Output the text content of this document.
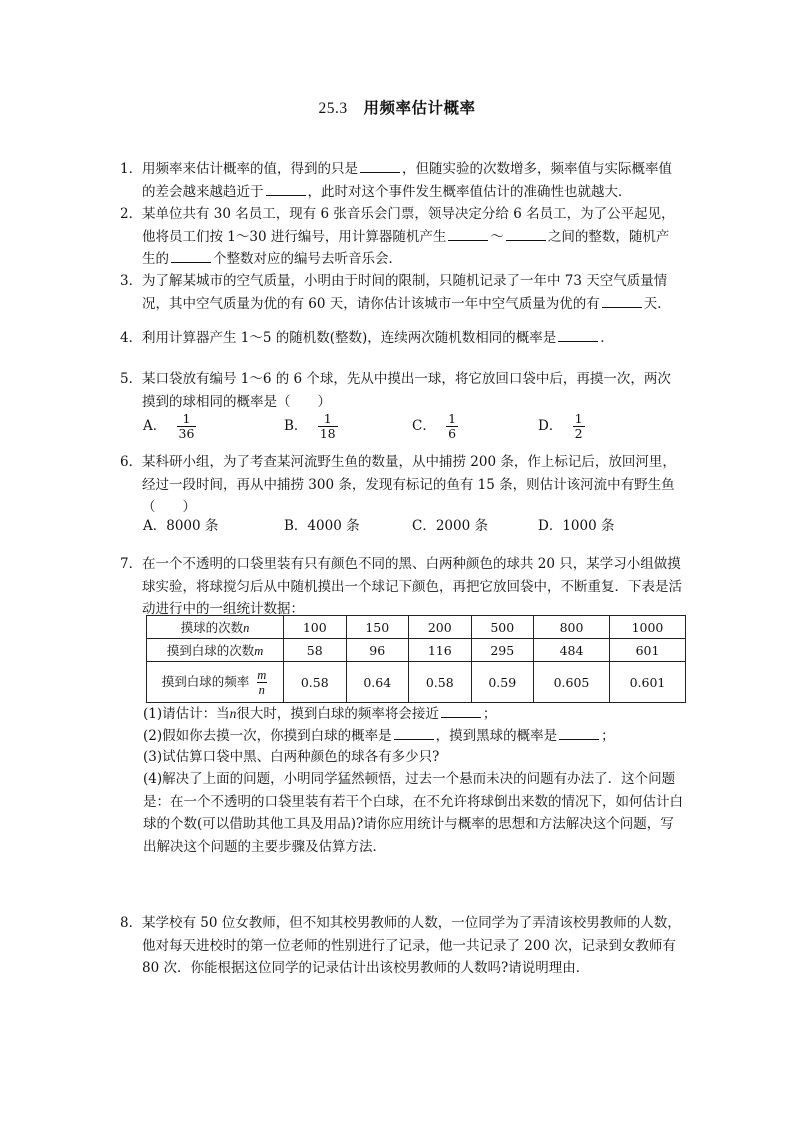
25.3 用频率估计概率
1． 用频率来估计概率的值，得到的只是	，但随实验的次数增多，频率值与实际概率值的差会越来越趋近于	，此时对这个事件发生概率值估计的准确性也就越大．
2． 某单位共有 30 名员工，现有 6 张音乐会门票，领导决定分给 6 名员工，为了公平起见，他将员工们按 1～30 进行编号，用计算器随机产生	～	之间的整数，随机产生的	个整数对应的编号去听音乐会．
3． 为了解某城市的空气质量，小明由于时间的限制，只随机记录了一年中 73 天空气质量情况，其中空气质量为优的有 60 天，请你估计该城市一年中空气质量为优的有	天．
4． 利用计算器产生 1～5 的随机数(整数)，连续两次随机数相同的概率是	．
5． 某口袋放有编号 1～6 的 6 个球，先从中摸出一球，将它放回口袋中后，再摸一次，两次摸到的球相同的概率是（　　）
A． $\frac{1}{36}$	B． $\frac{1}{18}$	C． $\frac{1}{6}$	D． $\frac{1}{2}$
6． 某科研小组，为了考查某河流野生鱼的数量，从中捕捞 200 条，作上标记后，放回河里，经过一段时间，再从中捕捞 300 条，发现有标记的鱼有 15 条，则估计该河流中有野生鱼（　　）
A．8000 条	B．4000 条	C．2000 条	D．1000 条
7． 在一个不透明的口袋里装有只有颜色不同的黑、白两种颜色的球共 20 只，某学习小组做摸球实验，将球搅匀后从中随机摸出一个球记下颜色，再把它放回袋中，不断重复．下表是活动进行中的一组统计数据：
摸球的次数n	100	150	200	500	800	1000
摸到白球的次数m	58	96	116	295	484	601
摸到白球的频率 $\frac{m}{n}$	0.58	0.64	0.58	0.59	0.605	0.601
(1)请估计：当n很大时，摸到白球的频率将会接近	；
(2)假如你去摸一次，你摸到白球的概率是	，摸到黑球的概率是	；
(3)试估算口袋中黑、白两种颜色的球各有多少只?
(4)解决了上面的问题，小明同学猛然顿悟，过去一个悬而未决的问题有办法了．这个问题是：在一个不透明的口袋里装有若干个白球，在不允许将球倒出来数的情况下，如何估计白球的个数(可以借助其他工具及用品)?请你应用统计与概率的思想和方法解决这个问题，写出解决这个问题的主要步骤及估算方法．
8． 某学校有 50 位女教师，但不知其校男教师的人数，一位同学为了弄清该校男教师的人数，他对每天进校时的第一位老师的性别进行了记录，他一共记录了 200 次，记录到女教师有 80 次．你能根据这位同学的记录估计出该校男教师的人数吗?请说明理由．
